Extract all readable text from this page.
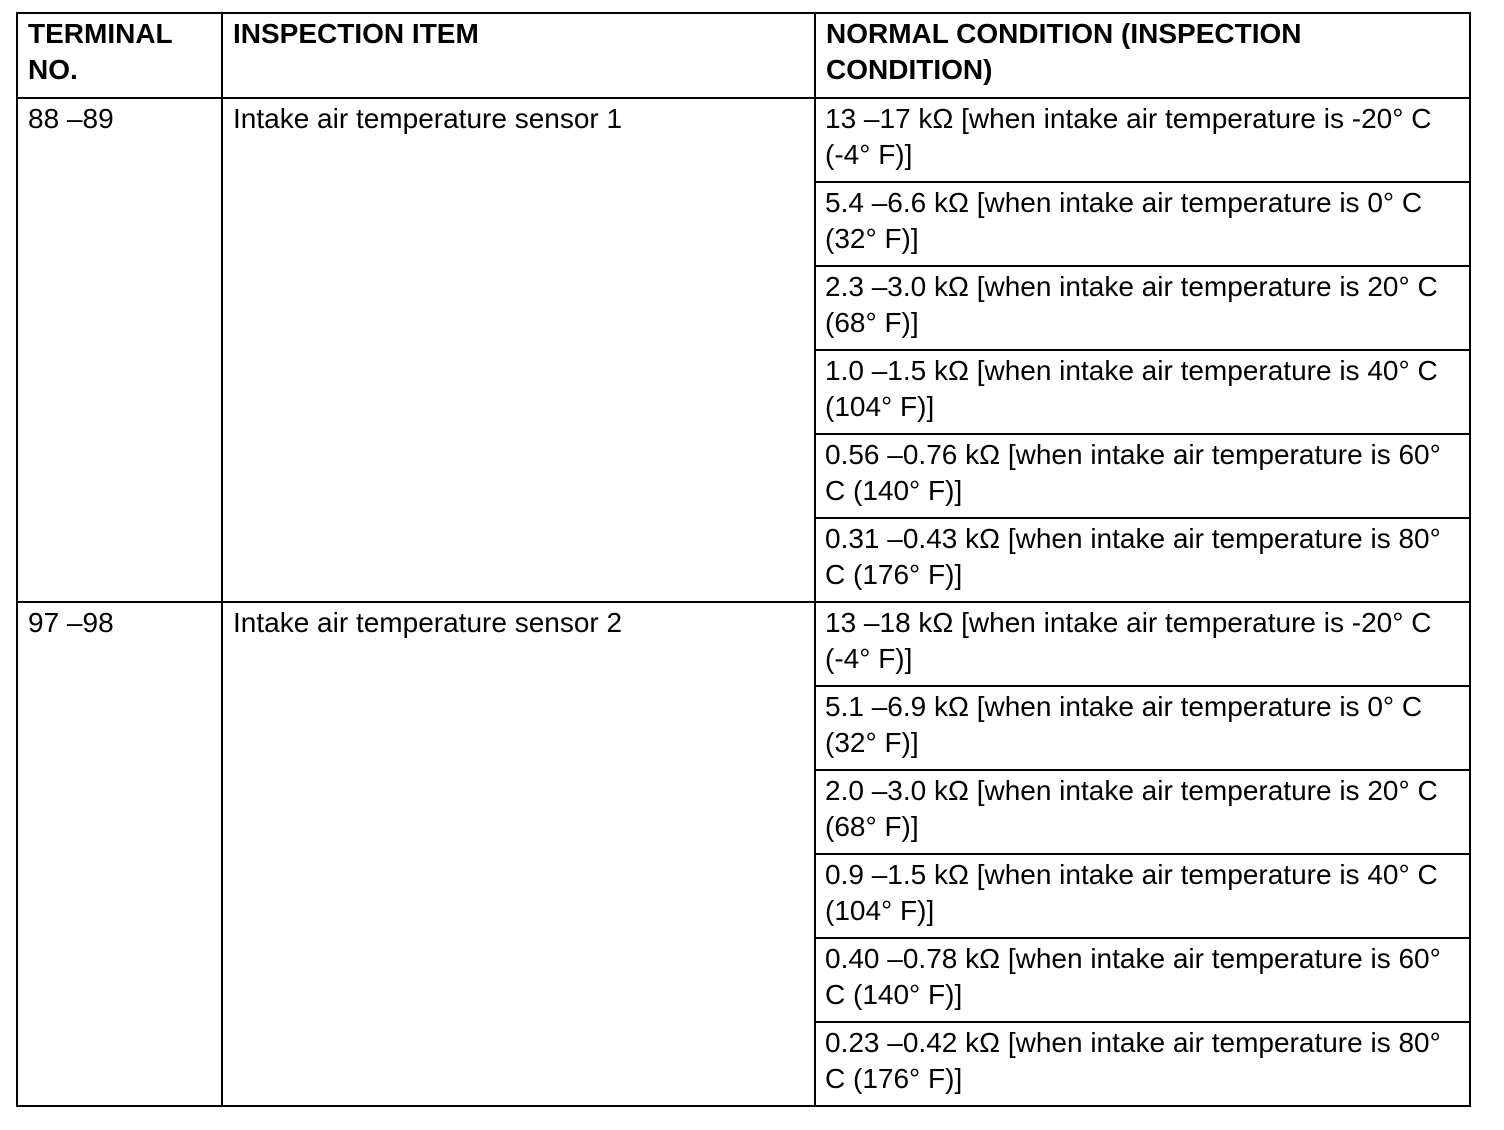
TERMINAL NO.	INSPECTION ITEM	NORMAL CONDITION (INSPECTION CONDITION)
88 –89	Intake air temperature sensor 1	13 –17 kΩ [when intake air temperature is -20° C (-4° F)]
		5.4 –6.6 kΩ [when intake air temperature is 0° C (32° F)]
		2.3 –3.0 kΩ [when intake air temperature is 20° C (68° F)]
		1.0 –1.5 kΩ [when intake air temperature is 40° C (104° F)]
		0.56 –0.76 kΩ [when intake air temperature is 60° C (140° F)]
		0.31 –0.43 kΩ [when intake air temperature is 80° C (176° F)]
97 –98	Intake air temperature sensor 2	13 –18 kΩ [when intake air temperature is -20° C (-4° F)]
		5.1 –6.9 kΩ [when intake air temperature is 0° C (32° F)]
		2.0 –3.0 kΩ [when intake air temperature is 20° C (68° F)]
		0.9 –1.5 kΩ [when intake air temperature is 40° C (104° F)]
		0.40 –0.78 kΩ [when intake air temperature is 60° C (140° F)]
		0.23 –0.42 kΩ [when intake air temperature is 80° C (176° F)]
